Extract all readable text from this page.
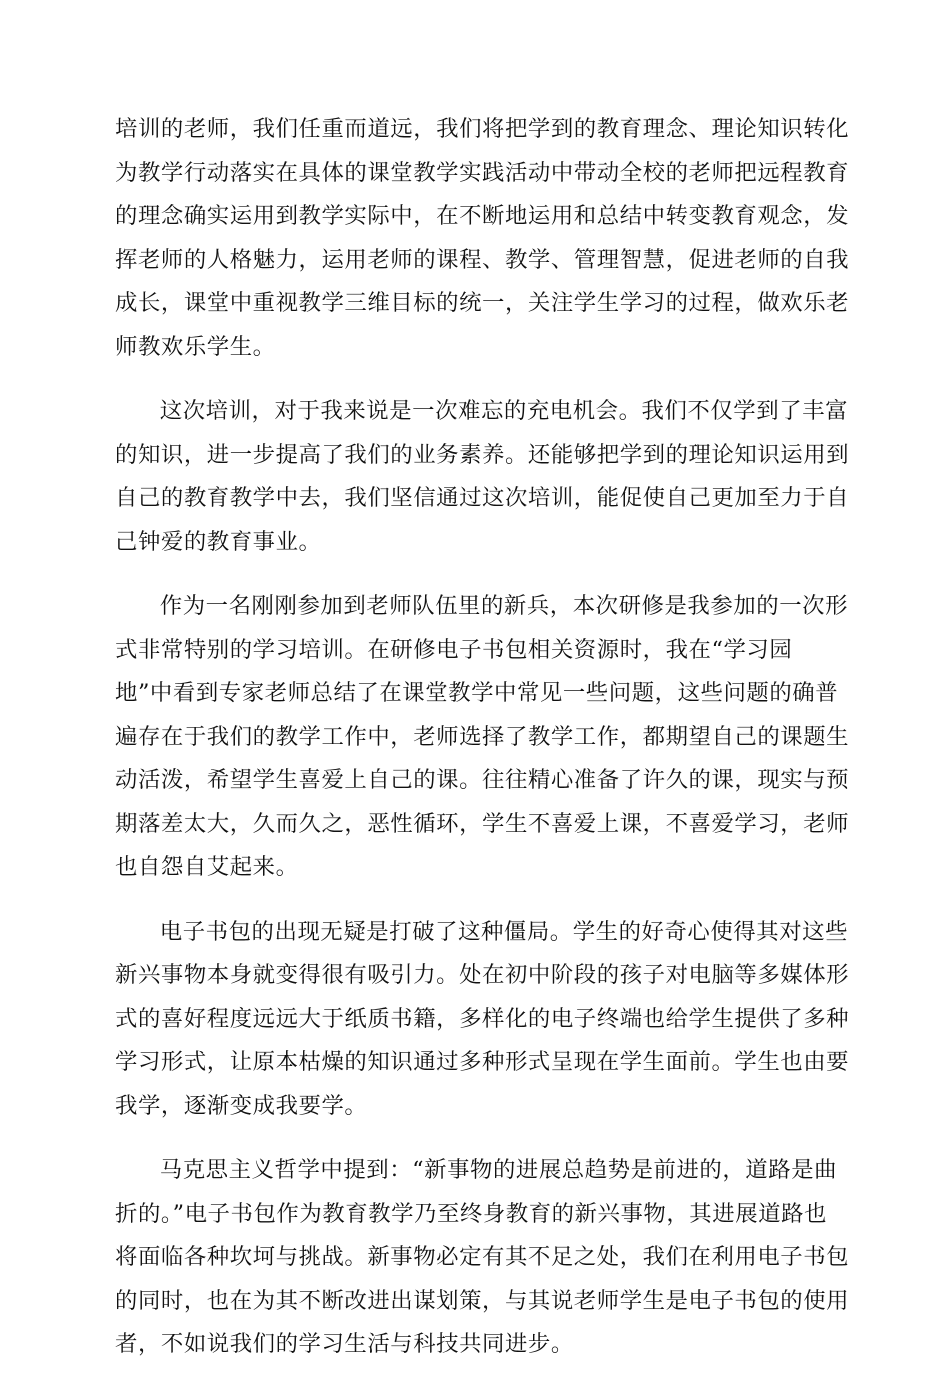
培训的老师，我们任重而道远，我们将把学到的教育理念、理论知识转化
为教学行动落实在具体的课堂教学实践活动中带动全校的老师把远程教育
的理念确实运用到教学实际中，在不断地运用和总结中转变教育观念，发
挥老师的人格魅力，运用老师的课程、教学、管理智慧，促进老师的自我
成长，课堂中重视教学三维目标的统一，关注学生学习的过程，做欢乐老
师教欢乐学生。
这次培训，对于我来说是一次难忘的充电机会。我们不仅学到了丰富
的知识，进一步提高了我们的业务素养。还能够把学到的理论知识运用到
自己的教育教学中去，我们坚信通过这次培训，能促使自己更加至力于自
己钟爱的教育事业。
作为一名刚刚参加到老师队伍里的新兵，本次研修是我参加的一次形
式非常特别的学习培训。在研修电子书包相关资源时，我在“学习园
地”中看到专家老师总结了在课堂教学中常见一些问题，这些问题的确普
遍存在于我们的教学工作中，老师选择了教学工作，都期望自己的课题生
动活泼，希望学生喜爱上自己的课。往往精心准备了许久的课，现实与预
期落差太大，久而久之，恶性循环，学生不喜爱上课，不喜爱学习，老师
也自怨自艾起来。
电子书包的出现无疑是打破了这种僵局。学生的好奇心使得其对这些
新兴事物本身就变得很有吸引力。处在初中阶段的孩子对电脑等多媒体形
式的喜好程度远远大于纸质书籍，多样化的电子终端也给学生提供了多种
学习形式，让原本枯燥的知识通过多种形式呈现在学生面前。学生也由要
我学，逐渐变成我要学。
马克思主义哲学中提到：“新事物的进展总趋势是前进的，道路是曲
折的。”电子书包作为教育教学乃至终身教育的新兴事物，其进展道路也
将面临各种坎坷与挑战。新事物必定有其不足之处，我们在利用电子书包
的同时，也在为其不断改进出谋划策，与其说老师学生是电子书包的使用
者，不如说我们的学习生活与科技共同进步。
